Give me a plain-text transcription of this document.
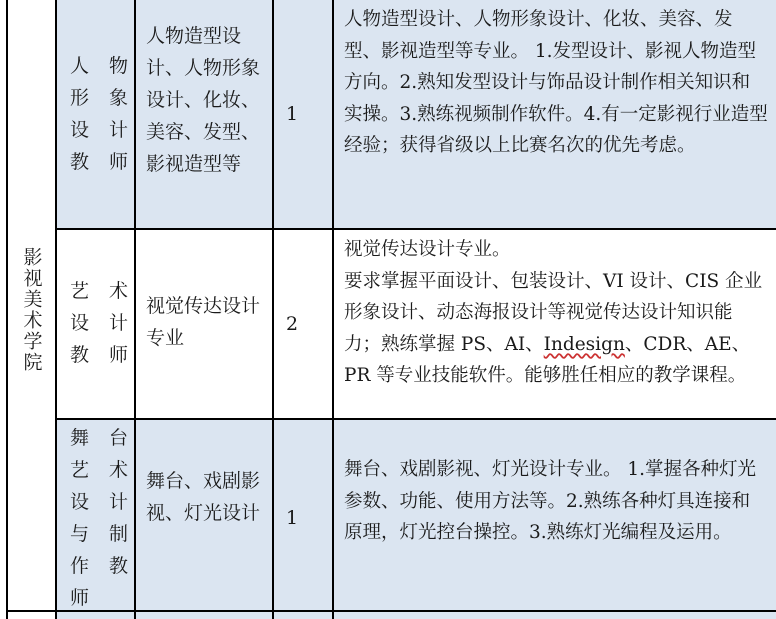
影视美术学院
人物
形象
设计
教师
人物造型设计、人物形象设计、化妆、美容、发型、影视造型等
1
人物造型设计、人物形象设计、化妆、美容、发型、影视造型等专业。 1.发型设计、影视人物造型方向。2.熟知发型设计与饰品设计制作相关知识和实操。3.熟练视频制作软件。4.有一定影视行业造型经验；获得省级以上比赛名次的优先考虑。
艺术
设计
教师
视觉传达设计专业
2
视觉传达设计专业。
要求掌握平面设计、包装设计、VI 设计、CIS 企业形象设计、动态海报设计等视觉传达设计知识能力；熟练掌握 PS、AI、Indesign、CDR、AE、PR 等专业技能软件。能够胜任相应的教学课程。
舞台
艺术
设计
与制
作教
师
舞台、戏剧影视、灯光设计	1
舞台、戏剧影视、灯光设计专业。 1.掌握各种灯光参数、功能、使用方法等。2.熟练各种灯具连接和原理，灯光控台操控。3.熟练灯光编程及运用。
